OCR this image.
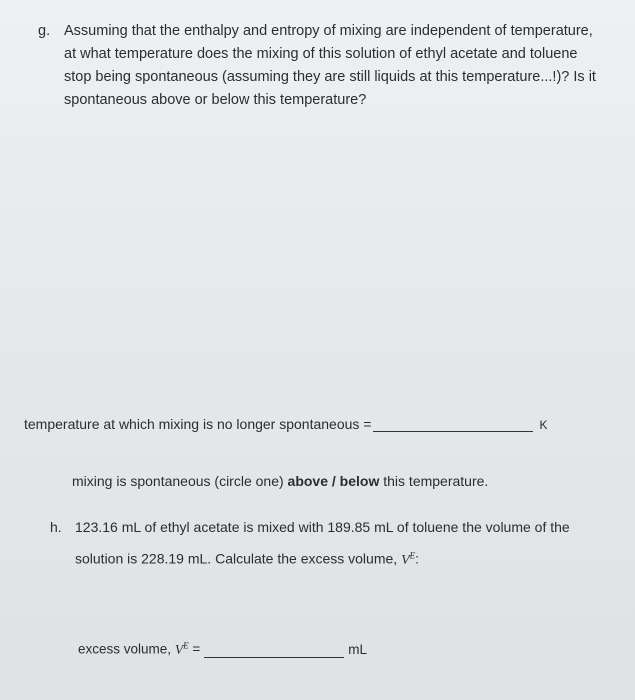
g. Assuming that the enthalpy and entropy of mixing are independent of temperature, at what temperature does the mixing of this solution of ethyl acetate and toluene stop being spontaneous (assuming they are still liquids at this temperature...!)? Is it spontaneous above or below this temperature?
temperature at which mixing is no longer spontaneous =	K
mixing is spontaneous (circle one) above / below this temperature.
h. 123.16 mL of ethyl acetate is mixed with 189.85 mL of toluene the volume of the solution is 228.19 mL. Calculate the excess volume, $V^E$:
excess volume, $V^E$ =	mL
